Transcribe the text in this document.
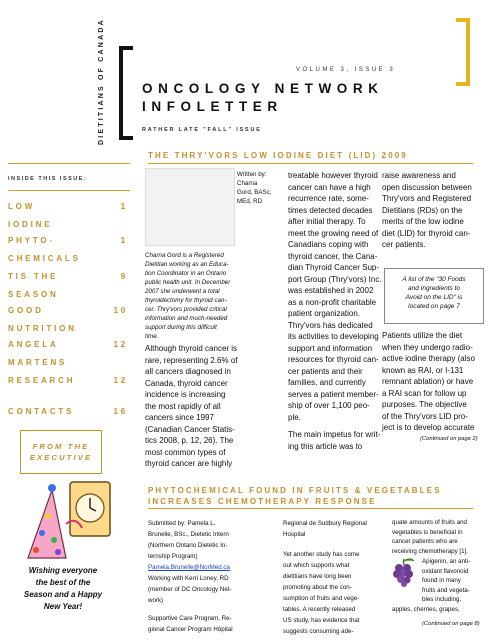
DIETITIANS OF CANADA	VOLUME 3, ISSUE 3
ONCOLOGY NETWORK
INFOLETTER
RATHER LATE "FALL" ISSUE
INSIDE THIS ISSUE:
LOW
IODINE
1
PHYTO-
CHEMICALS
1
TIS THE
SEASON
9
GOOD
NUTRITION
10
ANGELA
MARTENS
12
RESEARCH	12
CONTACTS	16
FROM THE
EXECUTIVE
Wishing everyone
the best of the
Season and a Happy
New Year!
THE THRY'VORS LOW IODINE DIET (LID) 2009
Written by:
Charna
Gord, BASc,
MEd, RD
Charna Gord is a Registered
Dietitian working as an Educa-
tion Coordinator in an Ontario
public health unit. In December
2007 she underwent a total
thyroidectomy for thyroid can-
cer. Thry'vors provided critical
information and much-needed
support during this difficult
time.
Although thyroid cancer is
rare, representing 2.6% of
all cancers diagnosed in
Canada, thyroid cancer
incidence is increasing
the most rapidly of all
cancers since 1997
(Canadian Cancer Statis-
tics 2008, p. 12, 26). The
most common types of
thyroid cancer are highly
treatable however thyroid
cancer can have a high
recurrence rate, some-
times detected decades
after initial therapy. To
meet the growing need of
Canadians coping with
thyroid cancer, the Cana-
dian Thyroid Cancer Sup-
port Group (Thry'vors) Inc.
was established in 2002
as a non-profit charitable
patient organization.
Thry'vors has dedicated
its activities to developing
support and information
resources for thyroid can-
cer patients and their
families, and currently
serves a patient member-
ship of over 1,100 peo-
ple.
The main impetus for writ-
ing this article was to
raise awareness and
open discussion between
Thry'vors and Registered
Dietitians (RDs) on the
merits of the low iodine
diet (LID) for thyroid can-
cer patients.
A list of the "30 Foods
and Ingredients to
Avoid on the LID" is
located on page 7
Patients utilize the diet
when they undergo radio-
active iodine therapy (also
known as RAI, or I-131
remnant ablation) or have
a RAI scan for follow up
purposes. The objective
of the Thry'vors LID pro-
ject is to develop accurate
(Continued on page 2)
PHYTOCHEMICAL FOUND IN FRUITS & VEGETABLES
INCREASES CHEMOTHERAPY RESPONSE
Submitted by: Pamela L.
Brunelle, BSc., Dietetic Intern
(Northern Ontario Dietetic In-
ternship Program)
Pamela.Brunelle@NorMed.ca
Working with Kerri Loney, RD
(member of DC Oncology Net-
work)
Supportive Care Program, Re-
gional Cancer Program Hôpital
Regional de Sudbury Regional
Hospital
Yet another study has come
out which supports what
dietitians have long been
promoting about the con-
sumption of fruits and vege-
tables. A recently released
US study, has evidence that
suggests consuming ade-
quate amounts of fruits and
vegetables is beneficial in
cancer patients who are
receiving chemotherapy [1].
Apigenin, an anti-
oxidant flavonoid
found in many
fruits and vegeta-
bles including,
apples, cherries, grapes,
(Continued on page 8)
